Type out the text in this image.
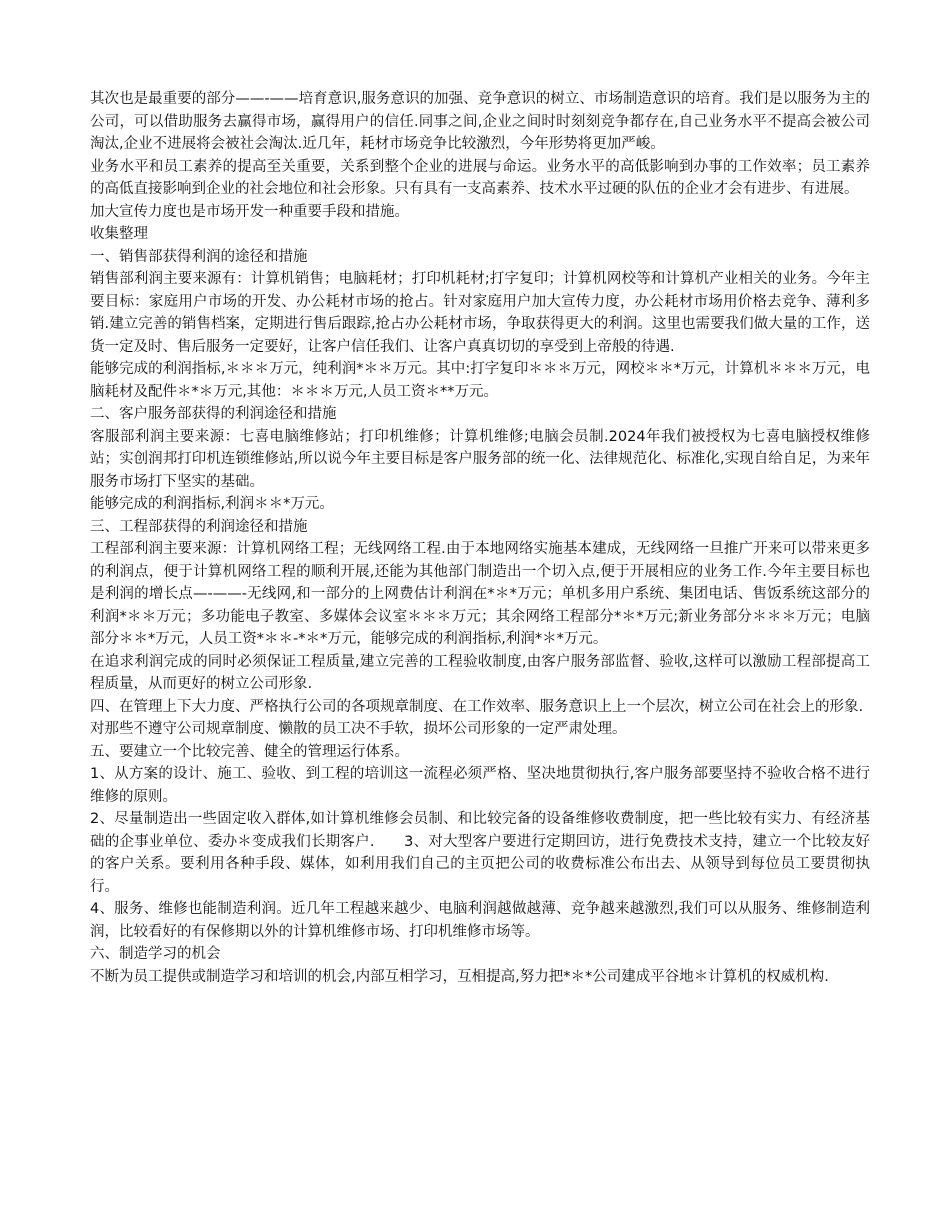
其次也是最重要的部分——-——培育意识,服务意识的加强、竞争意识的树立、市场制造意识的培育。我们是以服务为主的公司，可以借助服务去赢得市场，赢得用户的信任.同事之间,企业之间时时刻刻竞争都存在,自己业务水平不提高会被公司淘汰,企业不进展将会被社会淘汰.近几年，耗材市场竞争比较激烈，今年形势将更加严峻。

业务水平和员工素养的提高至关重要，关系到整个企业的进展与命运。业务水平的高低影响到办事的工作效率；员工素养的高低直接影响到企业的社会地位和社会形象。只有具有一支高素养、技术水平过硬的队伍的企业才会有进步、有进展。

加大宣传力度也是市场开发一种重要手段和措施。

收集整理

一、销售部获得利润的途径和措施

销售部利润主要来源有：计算机销售；电脑耗材；打印机耗材;打字复印；计算机网校等和计算机产业相关的业务。今年主要目标：家庭用户市场的开发、办公耗材市场的抢占。针对家庭用户加大宣传力度，办公耗材市场用价格去竞争、薄利多销.建立完善的销售档案，定期进行售后跟踪,抢占办公耗材市场，争取获得更大的利润。这里也需要我们做大量的工作，送货一定及时、售后服务一定要好，让客户信任我们、让客户真真切切的享受到上帝般的待遇.

能够完成的利润指标,＊＊＊万元，纯利润*＊＊万元。其中:打字复印＊＊＊万元，网校＊＊*万元，计算机＊＊＊万元，电脑耗材及配件＊*＊万元,其他：＊＊＊万元,人员工资＊**万元。

二、客户服务部获得的利润途径和措施

客服部利润主要来源：七喜电脑维修站；打印机维修；计算机维修;电脑会员制.2024年我们被授权为七喜电脑授权维修站；实创润邦打印机连锁维修站,所以说今年主要目标是客户服务部的统一化、法律规范化、标准化,实现自给自足，为来年服务市场打下坚实的基础。

能够完成的利润指标,利润＊＊*万元。

三、工程部获得的利润途径和措施

工程部利润主要来源：计算机网络工程；无线网络工程.由于本地网络实施基本建成，无线网络一旦推广开来可以带来更多的利润点，便于计算机网络工程的顺利开展,还能为其他部门制造出一个切入点,便于开展相应的业务工作.今年主要目标也是利润的增长点—-——-无线网,和一部分的上网费估计利润在*＊*万元；单机多用户系统、集团电话、售饭系统这部分的利润*＊＊万元；多功能电子教室、多媒体会议室＊＊＊万元；其余网络工程部分*＊*万元;新业务部分＊＊＊万元；电脑部分＊＊*万元，人员工资*＊＊-*＊*万元，能够完成的利润指标,利润*＊*万元。

在追求利润完成的同时必须保证工程质量,建立完善的工程验收制度,由客户服务部监督、验收,这样可以激励工程部提高工程质量，从而更好的树立公司形象.

四、在管理上下大力度、严格执行公司的各项规章制度、在工作效率、服务意识上上一个层次，树立公司在社会上的形象.

对那些不遵守公司规章制度、懒散的员工决不手软，损坏公司形象的一定严肃处理。

五、要建立一个比较完善、健全的管理运行体系。

1、从方案的设计、施工、验收、到工程的培训这一流程必须严格、坚决地贯彻执行,客户服务部要坚持不验收合格不进行维修的原则。

2、尽量制造出一些固定收入群体,如计算机维修会员制、和比较完备的设备维修收费制度，把一些比较有实力、有经济基础的企事业单位、委办＊变成我们长期客户.　　3、对大型客户要进行定期回访，进行免费技术支持，建立一个比较友好的客户关系。要利用各种手段、媒体，如利用我们自己的主页把公司的收费标准公布出去、从领导到每位员工要贯彻执行。

4、服务、维修也能制造利润。近几年工程越来越少、电脑利润越做越薄、竞争越来越激烈,我们可以从服务、维修制造利润，比较看好的有保修期以外的计算机维修市场、打印机维修市场等。

六、制造学习的机会

不断为员工提供或制造学习和培训的机会,内部互相学习，互相提高,努力把*＊*公司建成平谷地＊计算机的权威机构.
